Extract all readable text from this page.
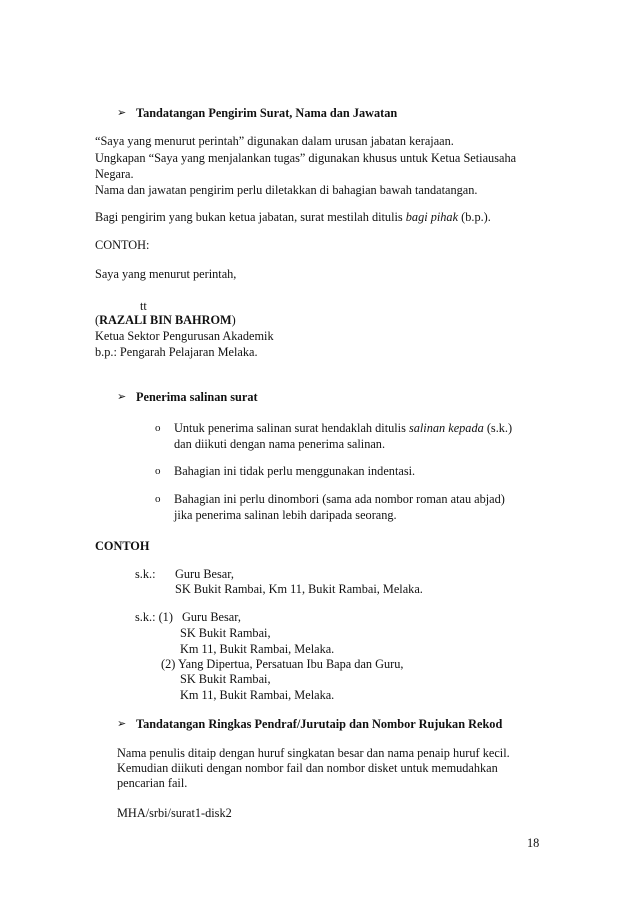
➢ Tandatangan Pengirim Surat, Nama dan Jawatan
“Saya yang menurut perintah” digunakan dalam urusan jabatan kerajaan.
Ungkapan “Saya yang menjalankan tugas” digunakan khusus untuk Ketua Setiausaha
Negara.
Nama dan jawatan pengirim perlu diletakkan di bahagian bawah tandatangan.
Bagi pengirim yang bukan ketua jabatan, surat mestilah ditulis bagi pihak (b.p.).
CONTOH:
Saya yang menurut perintah,
tt
(RAZALI BIN BAHROM)
Ketua Sektor Pengurusan Akademik
b.p.: Pengarah Pelajaran Melaka.
➢ Penerima salinan surat
o Untuk penerima salinan surat hendaklah ditulis salinan kepada (s.k.)
dan diikuti dengan nama penerima salinan.
o Bahagian ini tidak perlu menggunakan indentasi.
o Bahagian ini perlu dinombori (sama ada nombor roman atau abjad)
jika penerima salinan lebih daripada seorang.
CONTOH
s.k.: Guru Besar,
SK Bukit Rambai, Km 11, Bukit Rambai, Melaka.
s.k.: (1) Guru Besar,
SK Bukit Rambai,
Km 11, Bukit Rambai, Melaka.
(2) Yang Dipertua, Persatuan Ibu Bapa dan Guru,
SK Bukit Rambai,
Km 11, Bukit Rambai, Melaka.
➢ Tandatangan Ringkas Pendraf/Jurutaip dan Nombor Rujukan Rekod
Nama penulis ditaip dengan huruf singkatan besar dan nama penaip huruf kecil.
Kemudian diikuti dengan nombor fail dan nombor disket untuk memudahkan
pencarian fail.
MHA/srbi/surat1-disk2
18
